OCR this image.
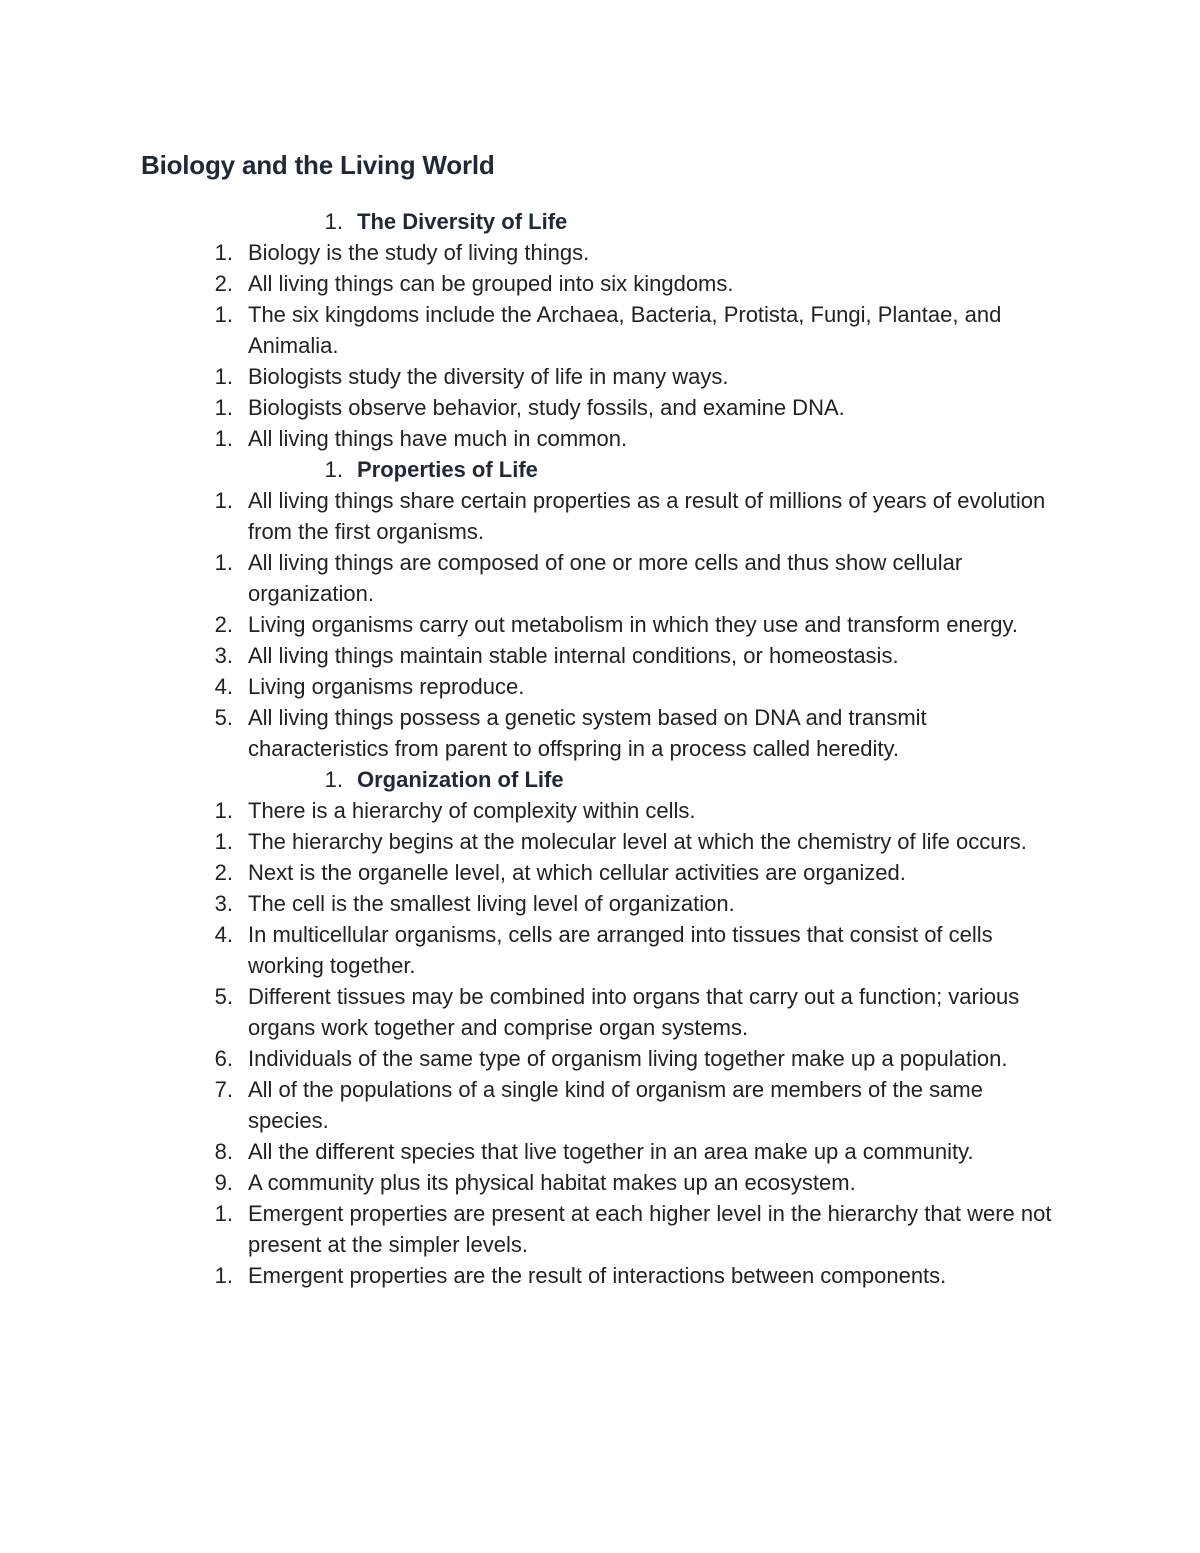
Biology and the Living World
1. The Diversity of Life
1. Biology is the study of living things.
2. All living things can be grouped into six kingdoms.
1. The six kingdoms include the Archaea, Bacteria, Protista, Fungi, Plantae, and Animalia.
1. Biologists study the diversity of life in many ways.
1. Biologists observe behavior, study fossils, and examine DNA.
1. All living things have much in common.
1. Properties of Life
1. All living things share certain properties as a result of millions of years of evolution from the first organisms.
1. All living things are composed of one or more cells and thus show cellular organization.
2. Living organisms carry out metabolism in which they use and transform energy.
3. All living things maintain stable internal conditions, or homeostasis.
4. Living organisms reproduce.
5. All living things possess a genetic system based on DNA and transmit characteristics from parent to offspring in a process called heredity.
1. Organization of Life
1. There is a hierarchy of complexity within cells.
1. The hierarchy begins at the molecular level at which the chemistry of life occurs.
2. Next is the organelle level, at which cellular activities are organized.
3. The cell is the smallest living level of organization.
4. In multicellular organisms, cells are arranged into tissues that consist of cells working together.
5. Different tissues may be combined into organs that carry out a function; various organs work together and comprise organ systems.
6. Individuals of the same type of organism living together make up a population.
7. All of the populations of a single kind of organism are members of the same species.
8. All the different species that live together in an area make up a community.
9. A community plus its physical habitat makes up an ecosystem.
1. Emergent properties are present at each higher level in the hierarchy that were not present at the simpler levels.
1. Emergent properties are the result of interactions between components.
